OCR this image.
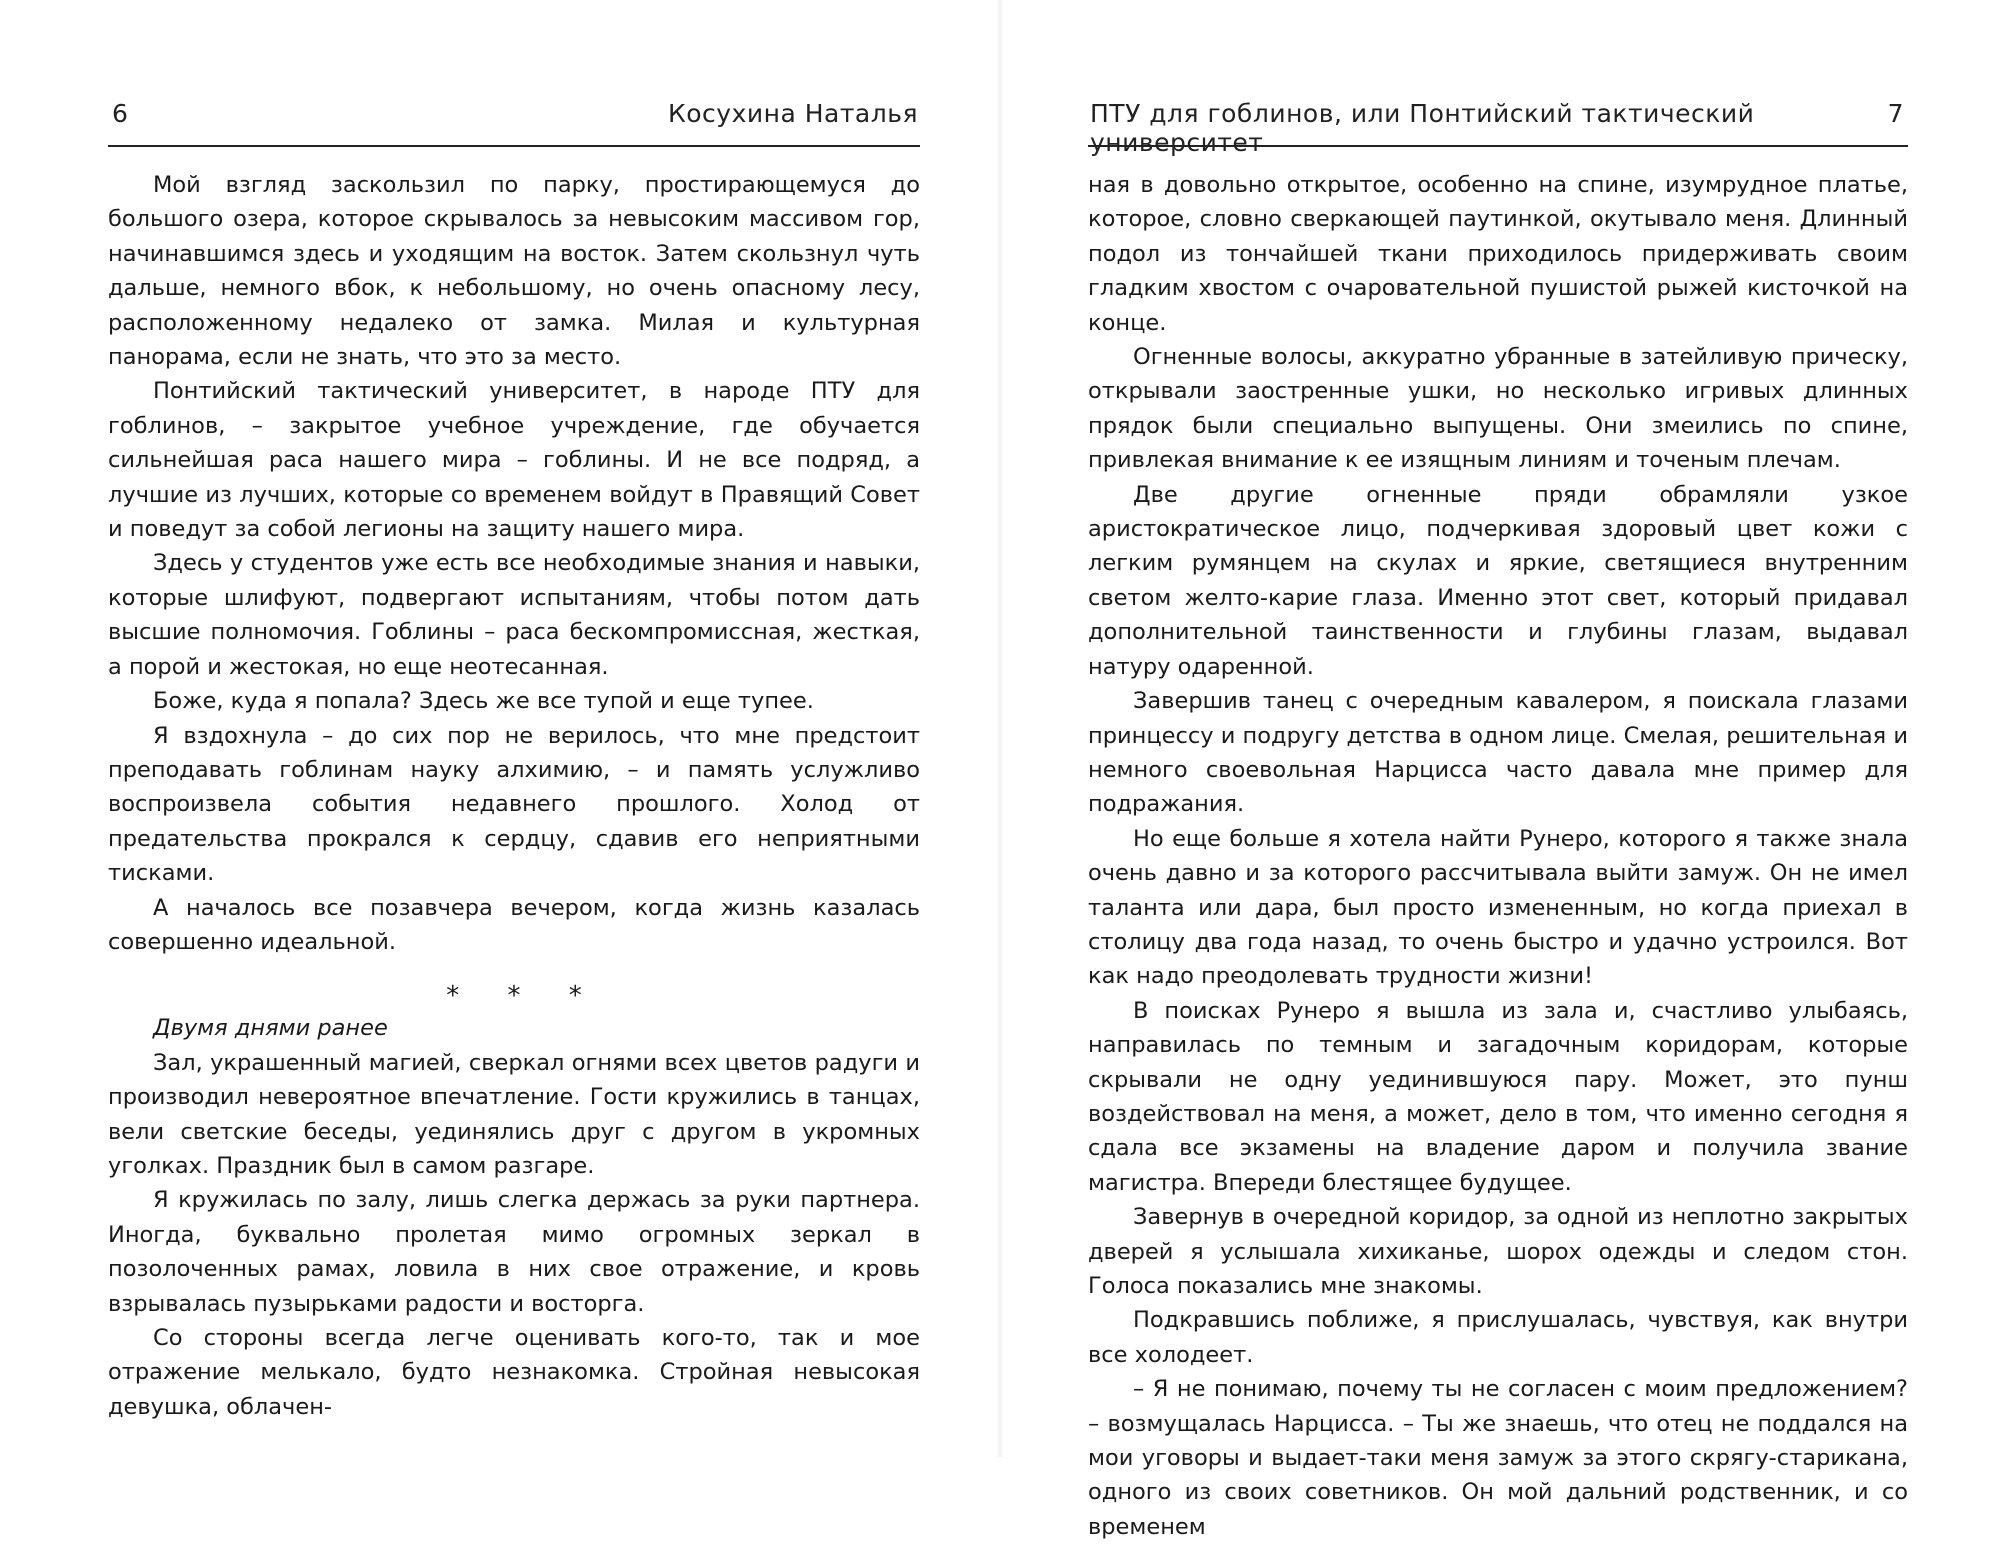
6	Косухина Наталья

Мой взгляд заскользил по парку, простирающемуся до большого озера, которое скрывалось за невысоким массивом гор, начинавшимся здесь и уходящим на восток. Затем скользнул чуть дальше, немного вбок, к небольшому, но очень опасному лесу, расположенному недалеко от замка. Милая и культурная панорама, если не знать, что это за место.

Понтийский тактический университет, в народе ПТУ для гоблинов, – закрытое учебное учреждение, где обучается сильнейшая раса нашего мира – гоблины. И не все подряд, а лучшие из лучших, которые со временем войдут в Правящий Совет и поведут за собой легионы на защиту нашего мира.

Здесь у студентов уже есть все необходимые знания и навыки, которые шлифуют, подвергают испытаниям, чтобы потом дать высшие полномочия. Гоблины – раса бескомпромиссная, жесткая, а порой и жестокая, но еще неотесанная.

Боже, куда я попала? Здесь же все тупой и еще тупее.

Я вздохнула – до сих пор не верилось, что мне предстоит преподавать гоблинам науку алхимию, – и память услужливо воспроизвела события недавнего прошлого. Холод от предательства прокрался к сердцу, сдавив его неприятными тисками.

А началось все позавчера вечером, когда жизнь казалась совершенно идеальной.

* * *

Двумя днями ранее

Зал, украшенный магией, сверкал огнями всех цветов радуги и производил невероятное впечатление. Гости кружились в танцах, вели светские беседы, уединялись друг с другом в укромных уголках. Праздник был в самом разгаре.

Я кружилась по залу, лишь слегка держась за руки партнера. Иногда, буквально пролетая мимо огромных зеркал в позолоченных рамах, ловила в них свое отражение, и кровь взрывалась пузырьками радости и восторга.

Со стороны всегда легче оценивать кого-то, так и мое отражение мелькало, будто незнакомка. Стройная невысокая девушка, облачен-

ПТУ для гоблинов, или Понтийский тактический университет
7

ная в довольно открытое, особенно на спине, изумрудное платье, которое, словно сверкающей паутинкой, окутывало меня. Длинный подол из тончайшей ткани приходилось придерживать своим гладким хвостом с очаровательной пушистой рыжей кисточкой на конце.

Огненные волосы, аккуратно убранные в затейливую прическу, открывали заостренные ушки, но несколько игривых длинных прядок были специально выпущены. Они змеились по спине, привлекая внимание к ее изящным линиям и точеным плечам.

Две другие огненные пряди обрамляли узкое аристократическое лицо, подчеркивая здоровый цвет кожи с легким румянцем на скулах и яркие, светящиеся внутренним светом желто-карие глаза. Именно этот свет, который придавал дополнительной таинственности и глубины глазам, выдавал натуру одаренной.

Завершив танец с очередным кавалером, я поискала глазами принцессу и подругу детства в одном лице. Смелая, решительная и немного своевольная Нарцисса часто давала мне пример для подражания.

Но еще больше я хотела найти Рунеро, которого я также знала очень давно и за которого рассчитывала выйти замуж. Он не имел таланта или дара, был просто измененным, но когда приехал в столицу два года назад, то очень быстро и удачно устроился. Вот как надо преодолевать трудности жизни!

В поисках Рунеро я вышла из зала и, счастливо улыбаясь, направилась по темным и загадочным коридорам, которые скрывали не одну уединившуюся пару. Может, это пунш воздействовал на меня, а может, дело в том, что именно сегодня я сдала все экзамены на владение даром и получила звание магистра. Впереди блестящее будущее.

Завернув в очередной коридор, за одной из неплотно закрытых дверей я услышала хихиканье, шорох одежды и следом стон. Голоса показались мне знакомы.

Подкравшись поближе, я прислушалась, чувствуя, как внутри все холодеет.

– Я не понимаю, почему ты не согласен с моим предложением? – возмущалась Нарцисса. – Ты же знаешь, что отец не поддался на мои уговоры и выдает-таки меня замуж за этого скрягу-старикана, одного из своих советников. Он мой дальний родственник, и со временем
